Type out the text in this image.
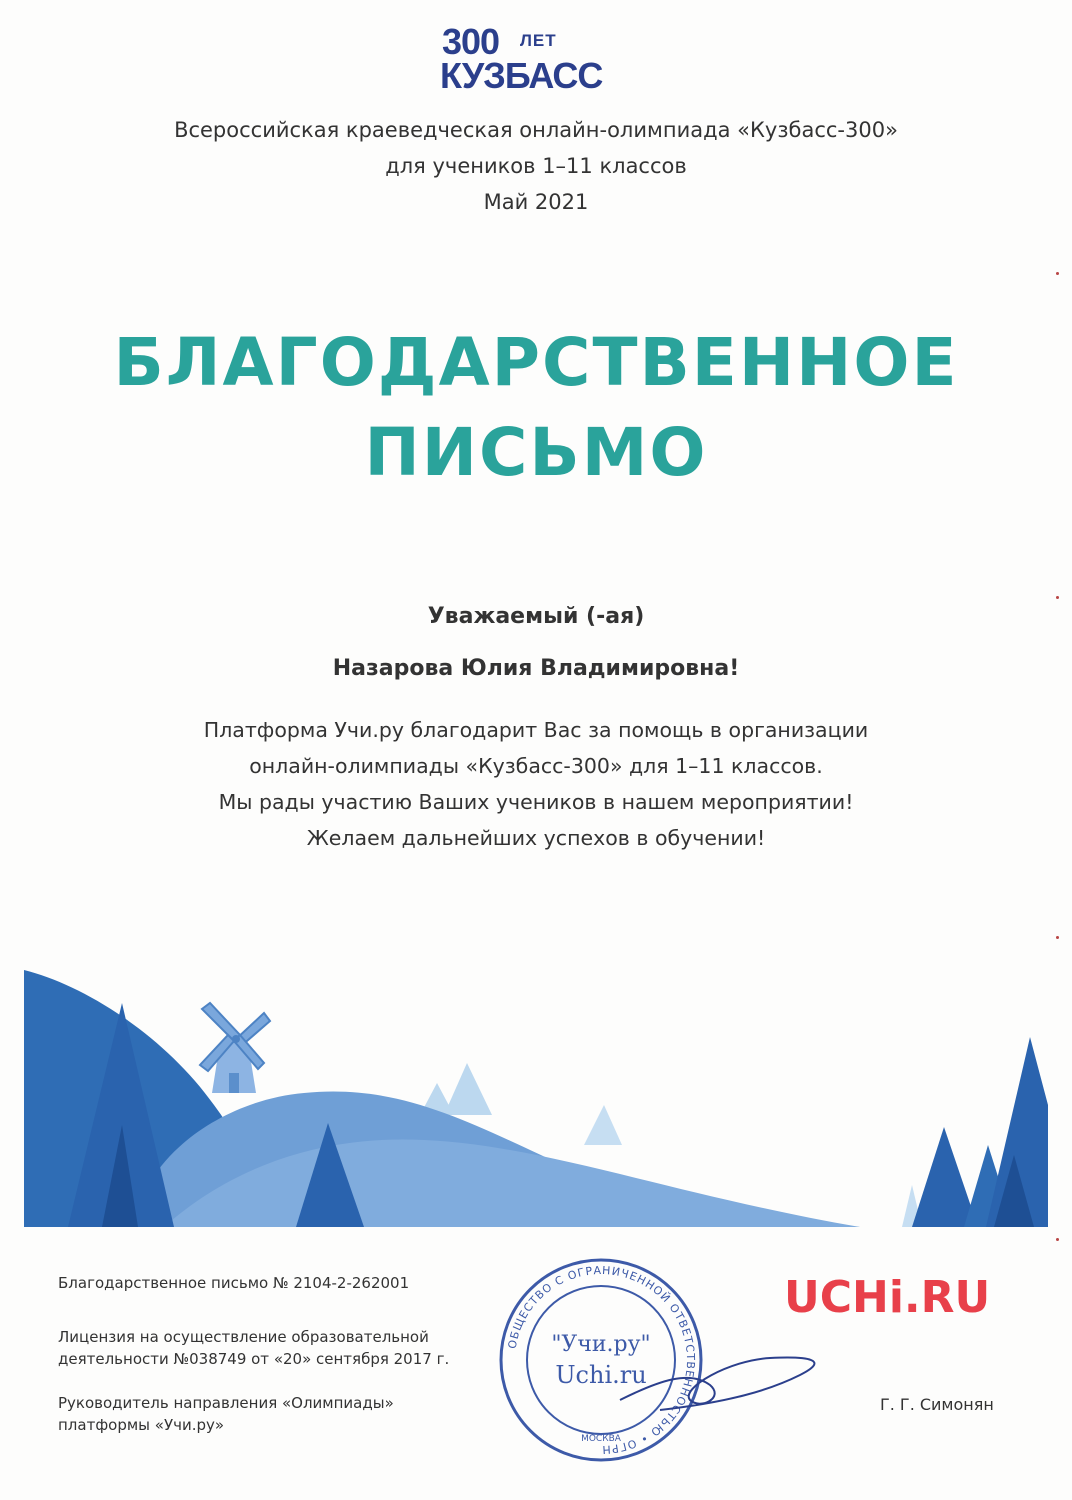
300 ЛЕТ
КУЗБАСС
Всероссийская краеведческая онлайн-олимпиада «Кузбасс-300»
для учеников 1–11 классов
Май 2021
БЛАГОДАРСТВЕННОЕ
ПИСЬМО
Уважаемый (-ая)
Назарова Юлия Владимировна!
Платформа Учи.ру благодарит Вас за помощь в организации
онлайн-олимпиады «Кузбасс-300» для 1–11 классов.
Мы рады участию Ваших учеников в нашем мероприятии!
Желаем дальнейших успехов в обучении!
Благодарственное письмо № 2104-2-262001
Лицензия на осуществление образовательной
деятельности №038749 от «20» сентября 2017 г.
Руководитель направления «Олимпиады»
платформы «Учи.ру»
UCHi.RU
Г. Г. Симонян
ОБЩЕСТВО С ОГРАНИЧЕННОЙ ОТВЕТСТВЕННОСТЬЮ • ОГРН
"Учи.ру"
Uchi.ru
МОСКВА
